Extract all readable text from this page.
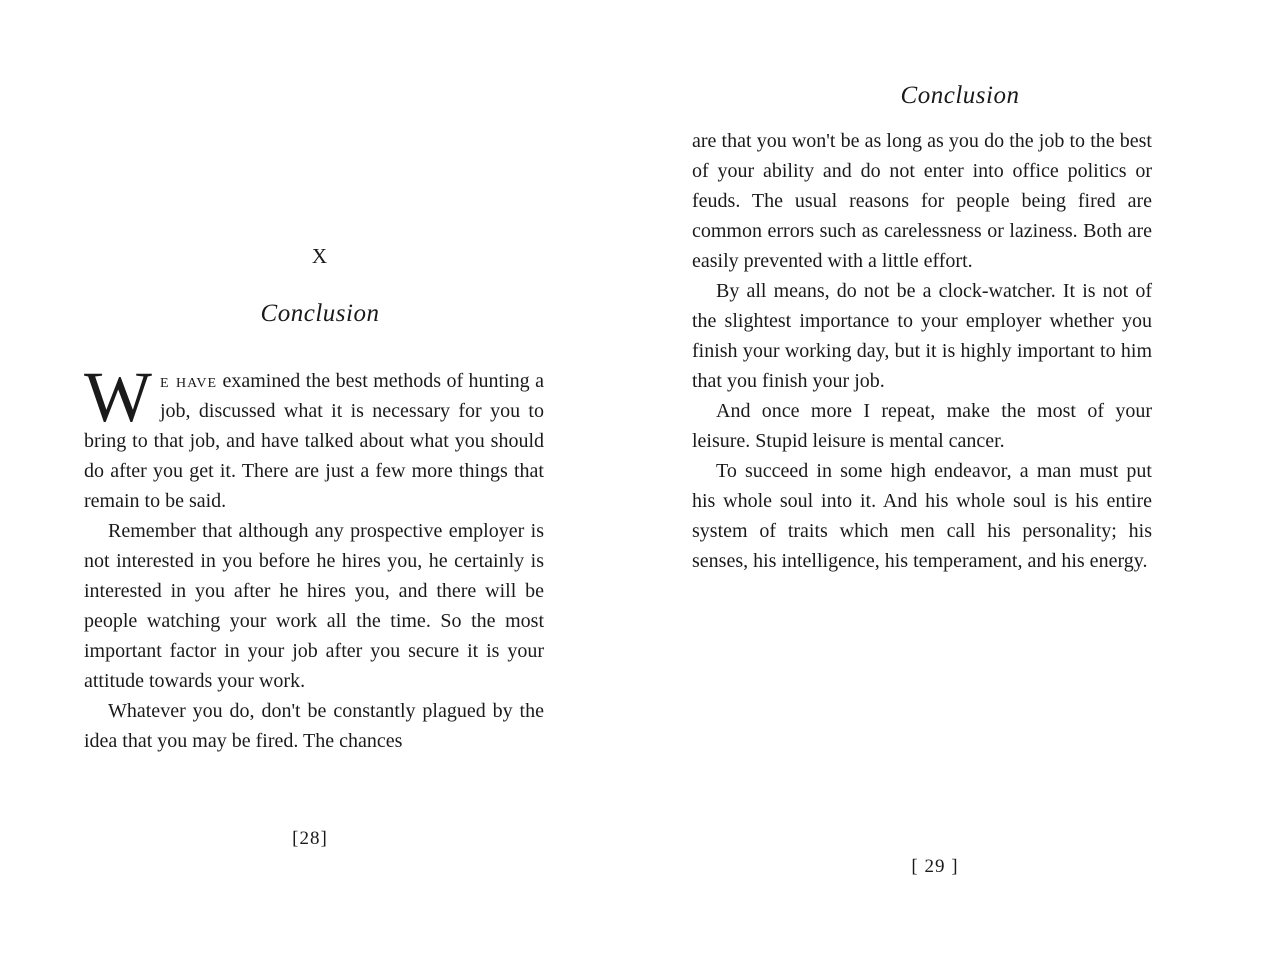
X
Conclusion

We have examined the best methods of hunting a job, discussed what it is necessary for you to bring to that job, and have talked about what you should do after you get it. There are just a few more things that remain to be said.

Remember that although any prospective employer is not interested in you before he hires you, he certainly is interested in you after he hires you, and there will be people watching your work all the time. So the most important factor in your job after you secure it is your attitude towards your work.

Whatever you do, don't be constantly plagued by the idea that you may be fired. The chances

[28]
Conclusion

are that you won't be as long as you do the job to the best of your ability and do not enter into office politics or feuds. The usual reasons for people being fired are common errors such as carelessness or laziness. Both are easily prevented with a little effort.

By all means, do not be a clock-watcher. It is not of the slightest importance to your employer whether you finish your working day, but it is highly important to him that you finish your job.

And once more I repeat, make the most of your leisure. Stupid leisure is mental cancer.

To succeed in some high endeavor, a man must put his whole soul into it. And his whole soul is his entire system of traits which men call his personality; his senses, his intelligence, his temperament, and his energy.

[ 29 ]
